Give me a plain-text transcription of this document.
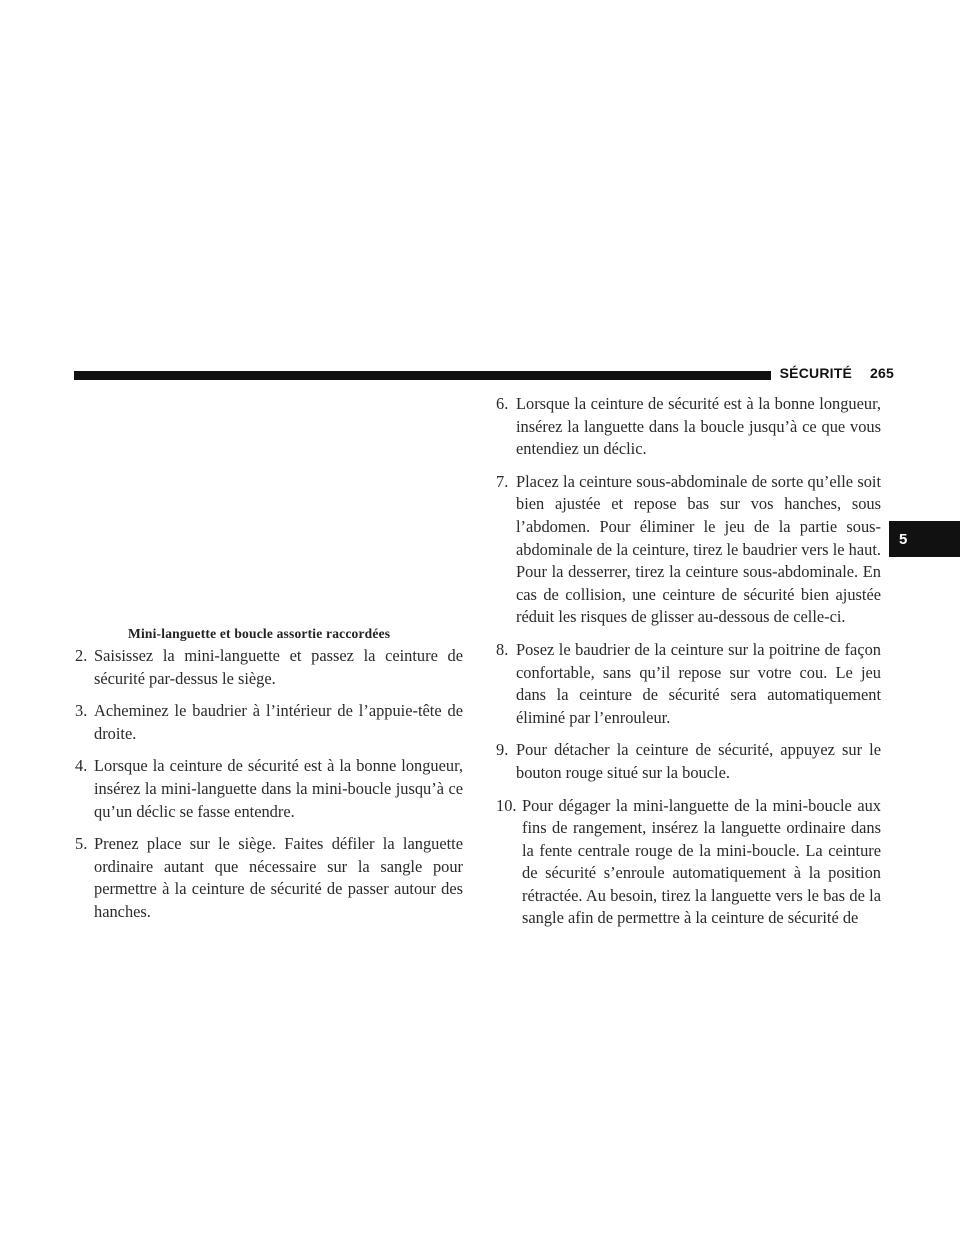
SÉCURITÉ 265
5
Mini-languette et boucle assortie raccordées
2. Saisissez la mini-languette et passez la ceinture de sécurité par-dessus le siège.
3. Acheminez le baudrier à l’intérieur de l’appuie-tête de droite.
4. Lorsque la ceinture de sécurité est à la bonne longueur, insérez la mini-languette dans la mini-boucle jusqu’à ce qu’un déclic se fasse entendre.
5. Prenez place sur le siège. Faites défiler la languette ordinaire autant que nécessaire sur la sangle pour permettre à la ceinture de sécurité de passer autour des hanches.
6. Lorsque la ceinture de sécurité est à la bonne longueur, insérez la languette dans la boucle jusqu’à ce que vous entendiez un déclic.
7. Placez la ceinture sous-abdominale de sorte qu’elle soit bien ajustée et repose bas sur vos hanches, sous l’abdomen. Pour éliminer le jeu de la partie sous-abdominale de la ceinture, tirez le baudrier vers le haut. Pour la desserrer, tirez la ceinture sous-abdominale. En cas de collision, une ceinture de sécurité bien ajustée réduit les risques de glisser au-dessous de celle-ci.
8. Posez le baudrier de la ceinture sur la poitrine de façon confortable, sans qu’il repose sur votre cou. Le jeu dans la ceinture de sécurité sera automatiquement éliminé par l’enrouleur.
9. Pour détacher la ceinture de sécurité, appuyez sur le bouton rouge situé sur la boucle.
10. Pour dégager la mini-languette de la mini-boucle aux fins de rangement, insérez la languette ordinaire dans la fente centrale rouge de la mini-boucle. La ceinture de sécurité s’enroule automatiquement à la position rétractée. Au besoin, tirez la languette vers le bas de la sangle afin de permettre à la ceinture de sécurité de
